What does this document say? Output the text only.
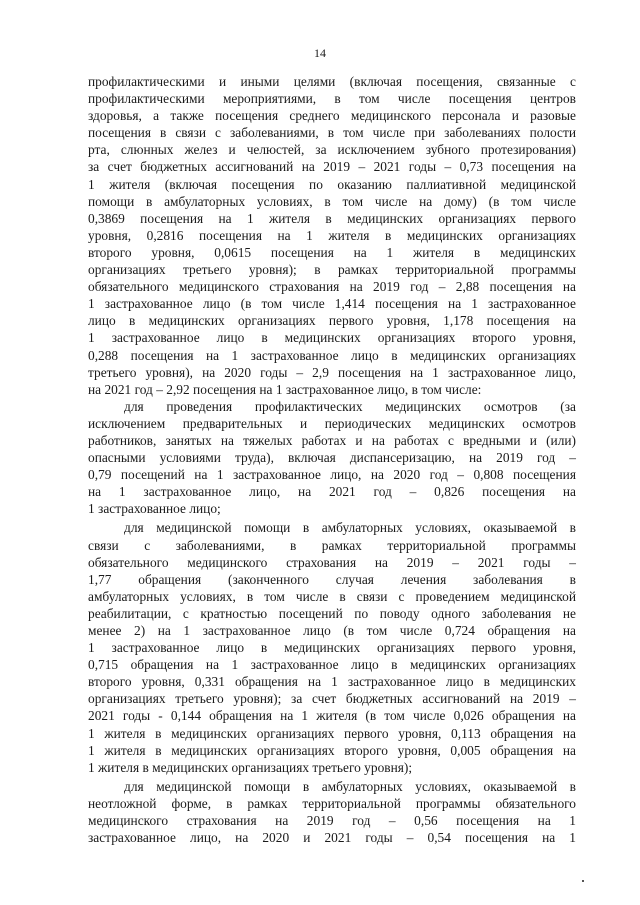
14
профилактическими и иными целями (включая посещения, связанные с
профилактическими мероприятиями, в том числе посещения центров
здоровья, а также посещения среднего медицинского персонала и разовые
посещения в связи с заболеваниями, в том числе при заболеваниях полости
рта, слюнных желез и челюстей, за исключением зубного протезирования)
за счет бюджетных ассигнований на 2019 – 2021 годы – 0,73 посещения на
1 жителя (включая посещения по оказанию паллиативной медицинской
помощи в амбулаторных условиях, в том числе на дому) (в том числе
0,3869 посещения на 1 жителя в медицинских организациях первого
уровня, 0,2816 посещения на 1 жителя в медицинских организациях
второго уровня, 0,0615 посещения на 1 жителя в медицинских
организациях третьего уровня); в рамках территориальной программы
обязательного медицинского страхования на 2019 год – 2,88 посещения на
1 застрахованное лицо (в том числе 1,414 посещения на 1 застрахованное
лицо в медицинских организациях первого уровня, 1,178 посещения на
1 застрахованное лицо в медицинских организациях второго уровня,
0,288 посещения на 1 застрахованное лицо в медицинских организациях
третьего уровня), на 2020 годы – 2,9 посещения на 1 застрахованное лицо,
на 2021 год – 2,92 посещения на 1 застрахованное лицо, в том числе:
для проведения профилактических медицинских осмотров (за
исключением предварительных и периодических медицинских осмотров
работников, занятых на тяжелых работах и на работах с вредными и (или)
опасными условиями труда), включая диспансеризацию, на 2019 год –
0,79 посещений на 1 застрахованное лицо, на 2020 год – 0,808 посещения
на 1 застрахованное лицо, на 2021 год – 0,826 посещения на
1 застрахованное лицо;
для медицинской помощи в амбулаторных условиях, оказываемой в
связи с заболеваниями, в рамках территориальной программы
обязательного медицинского страхования на 2019 – 2021 годы –
1,77 обращения (законченного случая лечения заболевания в
амбулаторных условиях, в том числе в связи с проведением медицинской
реабилитации, с кратностью посещений по поводу одного заболевания не
менее 2) на 1 застрахованное лицо (в том числе 0,724 обращения на
1 застрахованное лицо в медицинских организациях первого уровня,
0,715 обращения на 1 застрахованное лицо в медицинских организациях
второго уровня, 0,331 обращения на 1 застрахованное лицо в медицинских
организациях третьего уровня); за счет бюджетных ассигнований на 2019 –
2021 годы - 0,144 обращения на 1 жителя (в том числе 0,026 обращения на
1 жителя в медицинских организациях первого уровня, 0,113 обращения на
1 жителя в медицинских организациях второго уровня, 0,005 обращения на
1 жителя в медицинских организациях третьего уровня);
для медицинской помощи в амбулаторных условиях, оказываемой в
неотложной форме, в рамках территориальной программы обязательного
медицинского страхования на 2019 год – 0,56 посещения на 1
застрахованное лицо, на 2020 и 2021 годы – 0,54 посещения на 1
